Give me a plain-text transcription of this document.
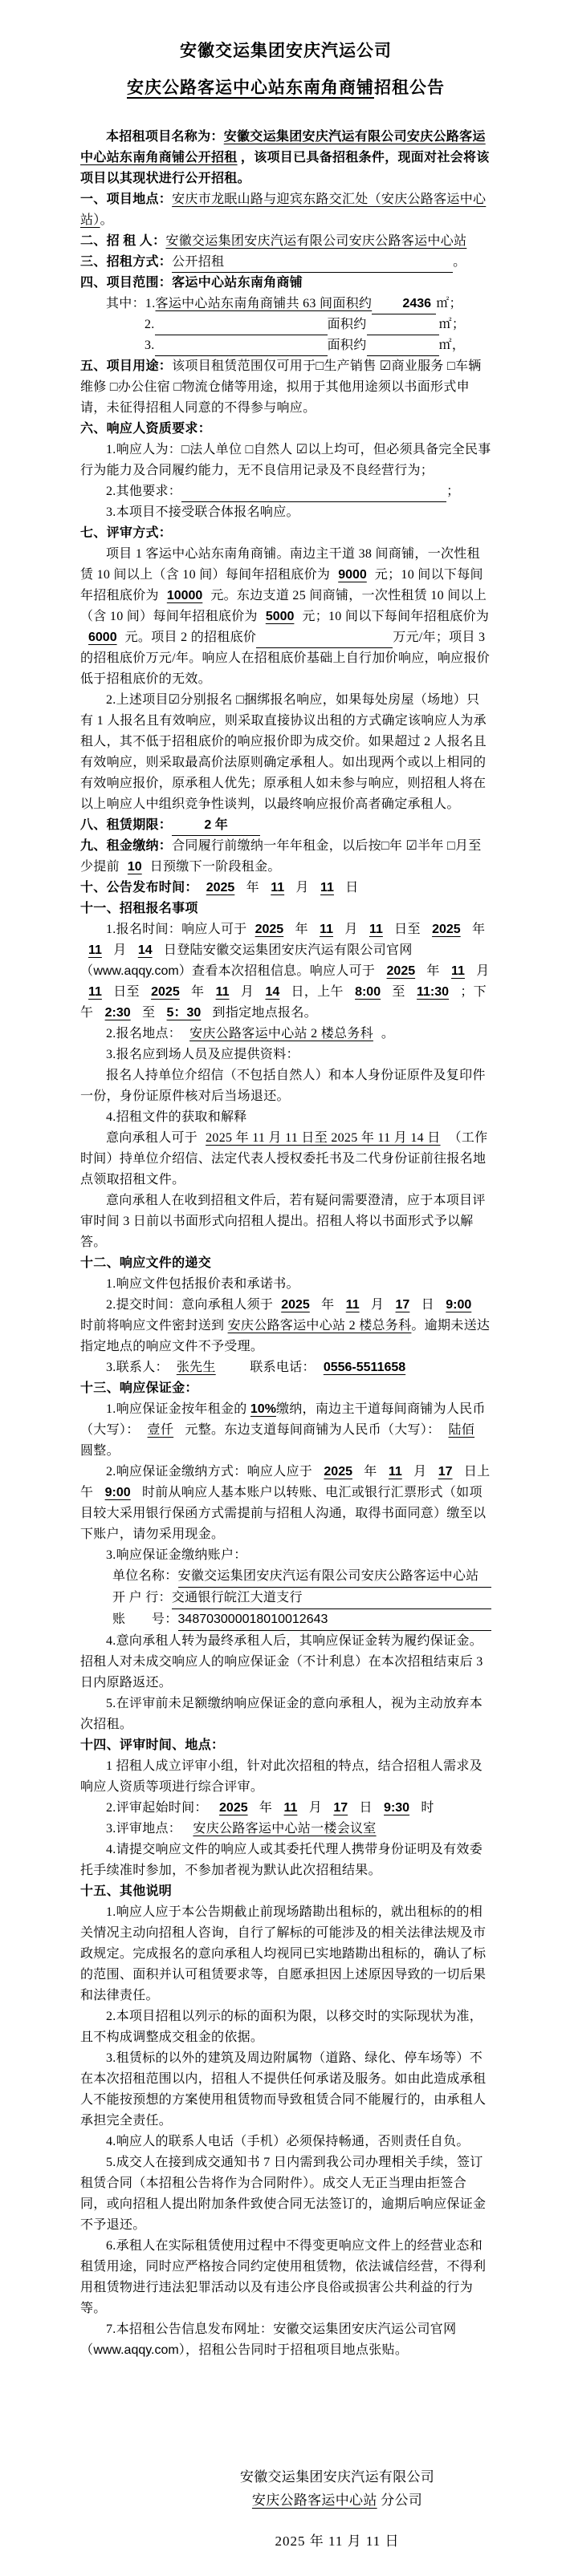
安徽交运集团安庆汽运公司
安庆公路客运中心站东南角商铺招租公告
本招租项目名称为：安徽交运集团安庆汽运有限公司安庆公路客运中心站东南角商铺公开招租 ，该项目已具备招租条件，现面对社会将该项目以其现状进行公开招租。
一、项目地点：安庆市龙眠山路与迎宾东路交汇处（安庆公路客运中心站）。
二、招 租 人：安徽交运集团安庆汽运有限公司安庆公路客运中心站
三、招租方式：公开招租	。
四、项目范围：客运中心站东南角商铺
其中：1.客运中心站东南角商铺共 63 间面积约 2436 ㎡；
2.	面积约	㎡；
3.	面积约	㎡，
五、项目用途：该项目租赁范围仅可用于□生产销售 ☑商业服务 □车辆维修 □办公住宿 □物流仓储等用途，拟用于其他用途须以书面形式申请，未征得招租人同意的不得参与响应。
六、响应人资质要求：
1.响应人为：□法人单位 □自然人 ☑以上均可，但必须具备完全民事行为能力及合同履约能力，无不良信用记录及不良经营行为；
2.其他要求：	；
3.本项目不接受联合体报名响应。
七、评审方式：
项目 1 客运中心站东南角商铺。南边主干道 38 间商铺，一次性租赁 10 间以上（含 10 间）每间年招租底价为 9000 元；10 间以下每间年招租底价为 10000 元。东边支道 25 间商铺，一次性租赁 10 间以上（含 10 间）每间年招租底价为 5000 元；10 间以下每间年招租底价为6000 元。项目 2 的招租底价	万元/年；项目 3 的招租底价万元/年。响应人在招租底价基础上自行加价响应，响应报价低于招租底价的无效。
2.上述项目☑分别报名 □捆绑报名响应，如果每处房屋（场地）只有 1 人报名且有效响应，则采取直接协议出租的方式确定该响应人为承租人，其不低于招租底价的响应报价即为成交价。如果超过 2 人报名且有效响应，则采取最高价法原则确定承租人。如出现两个或以上相同的有效响应报价，原承租人优先；原承租人如未参与响应，则招租人将在以上响应人中组织竞争性谈判，以最终响应报价高者确定承租人。
八、租赁期限：	2 年
九、租金缴纳：合同履行前缴纳一年年租金，以后按□年 ☑半年 □月至少提前 10 日预缴下一阶段租金。
十、公告发布时间： 2025 年 11 月 11 日
十一、招租报名事项
1.报名时间：响应人可于 2025 年 11 月 11 日至 2025 年 11 月 14 日登陆安徽交运集团安庆汽运有限公司官网（www.aqqy.com）查看本次招租信息。响应人可于 2025 年 11 月 11 日至 2025 年 11 月 14 日，上午 8:00 至 11:30 ；下午 2:30 至 5：30 到指定地点报名。
2.报名地点： 安庆公路客运中心站 2 楼总务科 。
3.报名应到场人员及应提供资料：
报名人持单位介绍信（不包括自然人）和本人身份证原件及复印件一份，身份证原件核对后当场退还。
4.招租文件的获取和解释
意向承租人可于 2025 年 11 月 11 日至 2025 年 11 月 14 日 （工作时间）持单位介绍信、法定代表人授权委托书及二代身份证前往报名地点领取招租文件。
意向承租人在收到招租文件后，若有疑问需要澄清，应于本项目评审时间 3 日前以书面形式向招租人提出。招租人将以书面形式予以解答。
十二、响应文件的递交
1.响应文件包括报价表和承诺书。
2.提交时间：意向承租人须于 2025 年 11 月 17 日 9:00 时前将响应文件密封送到 安庆公路客运中心站 2 楼总务科。逾期未送达指定地点的响应文件不予受理。
3.联系人： 张先生　　联系电话： 0556-5511658
十三、响应保证金：
1.响应保证金按年租金的 10%缴纳，南边主干道每间商铺为人民币（大写）： 壹仟 元整。东边支道每间商铺为人民币（大写）： 陆佰 圆整。
2.响应保证金缴纳方式：响应人应于 2025 年 11 月 17 日上午 9:00 时前从响应人基本账户以转账、电汇或银行汇票形式（如项目较大采用银行保函方式需提前与招租人沟通，取得书面同意）缴至以下账户，请勿采用现金。
3.响应保证金缴纳账户：
单位名称： 安徽交运集团安庆汽运有限公司安庆公路客运中心站
开 户 行： 交通银行皖江大道支行
账　　号： 348703000018010012643
4.意向承租人转为最终承租人后，其响应保证金转为履约保证金。招租人对未成交响应人的响应保证金（不计利息）在本次招租结束后 3 日内原路返还。
5.在评审前未足额缴纳响应保证金的意向承租人，视为主动放弃本次招租。
十四、评审时间、地点：
1 招租人成立评审小组，针对此次招租的特点，结合招租人需求及响应人资质等项进行综合评审。
2.评审起始时间： 2025 年 11 月 17 日 9:30 时
3.评审地点： 安庆公路客运中心站一楼会议室
4.请提交响应文件的响应人或其委托代理人携带身份证明及有效委托手续准时参加，不参加者视为默认此次招租结果。
十五、其他说明
1.响应人应于本公告期截止前现场踏勘出租标的，就出租标的的相关情况主动向招租人咨询，自行了解标的可能涉及的相关法律法规及市政规定。完成报名的意向承租人均视同已实地踏勘出租标的，确认了标的范围、面积并认可租赁要求等，自愿承担因上述原因导致的一切后果和法律责任。
2.本项目招租以列示的标的面积为限，以移交时的实际现状为准，且不构成调整成交租金的依据。
3.租赁标的以外的建筑及周边附属物（道路、绿化、停车场等）不在本次招租范围以内，招租人不提供任何承诺及服务。如由此造成承租人不能按预想的方案使用租赁物而导致租赁合同不能履行的，由承租人承担完全责任。
4.响应人的联系人电话（手机）必须保持畅通，否则责任自负。
5.成交人在接到成交通知书 7 日内需到我公司办理相关手续，签订租赁合同（本招租公告将作为合同附件）。成交人无正当理由拒签合同，或向招租人提出附加条件致使合同无法签订的，逾期后响应保证金不予退还。
6.承租人在实际租赁使用过程中不得变更响应文件上的经营业态和租赁用途，同时应严格按合同约定使用租赁物，依法诚信经营，不得利用租赁物进行违法犯罪活动以及有违公序良俗或损害公共利益的行为等。
7.本招租公告信息发布网址：安徽交运集团安庆汽运公司官网（www.aqqy.com），招租公告同时于招租项目地点张贴。
安徽交运集团安庆汽运有限公司
安庆公路客运中心站 分公司
2025 年 11 月 11 日
